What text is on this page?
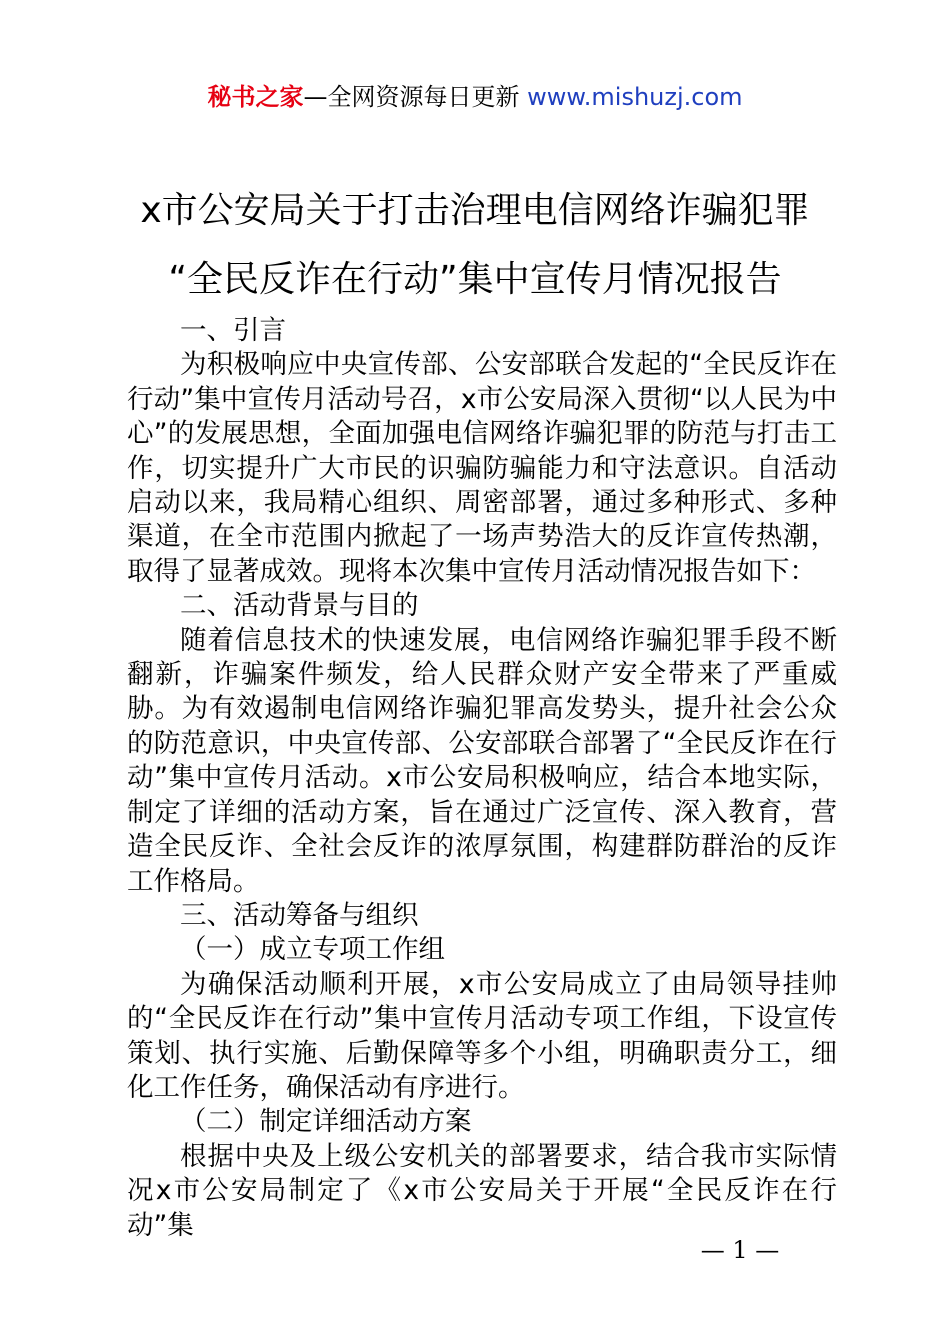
秘书之家—全网资源每日更新 www.mishuzj.com
x市公安局关于打击治理电信网络诈骗犯罪
“全民反诈在行动”集中宣传月情况报告

一、引言

为积极响应中央宣传部、公安部联合发起的“全民反诈在行动”集中宣传月活动号召，x市公安局深入贯彻“以人民为中心”的发展思想，全面加强电信网络诈骗犯罪的防范与打击工作，切实提升广大市民的识骗防骗能力和守法意识。自活动启动以来，我局精心组织、周密部署，通过多种形式、多种渠道，在全市范围内掀起了一场声势浩大的反诈宣传热潮，取得了显著成效。现将本次集中宣传月活动情况报告如下：

二、活动背景与目的

随着信息技术的快速发展，电信网络诈骗犯罪手段不断翻新，诈骗案件频发，给人民群众财产安全带来了严重威胁。为有效遏制电信网络诈骗犯罪高发势头，提升社会公众的防范意识，中央宣传部、公安部联合部署了“全民反诈在行动”集中宣传月活动。x市公安局积极响应，结合本地实际，制定了详细的活动方案，旨在通过广泛宣传、深入教育，营造全民反诈、全社会反诈的浓厚氛围，构建群防群治的反诈工作格局。

三、活动筹备与组织

（一）成立专项工作组

为确保活动顺利开展，x市公安局成立了由局领导挂帅的“全民反诈在行动”集中宣传月活动专项工作组，下设宣传策划、执行实施、后勤保障等多个小组，明确职责分工，细化工作任务，确保活动有序进行。

（二）制定详细活动方案

根据中央及上级公安机关的部署要求，结合我市实际情况x市公安局制定了《x市公安局关于开展“全民反诈在行动”集

— 1 —
